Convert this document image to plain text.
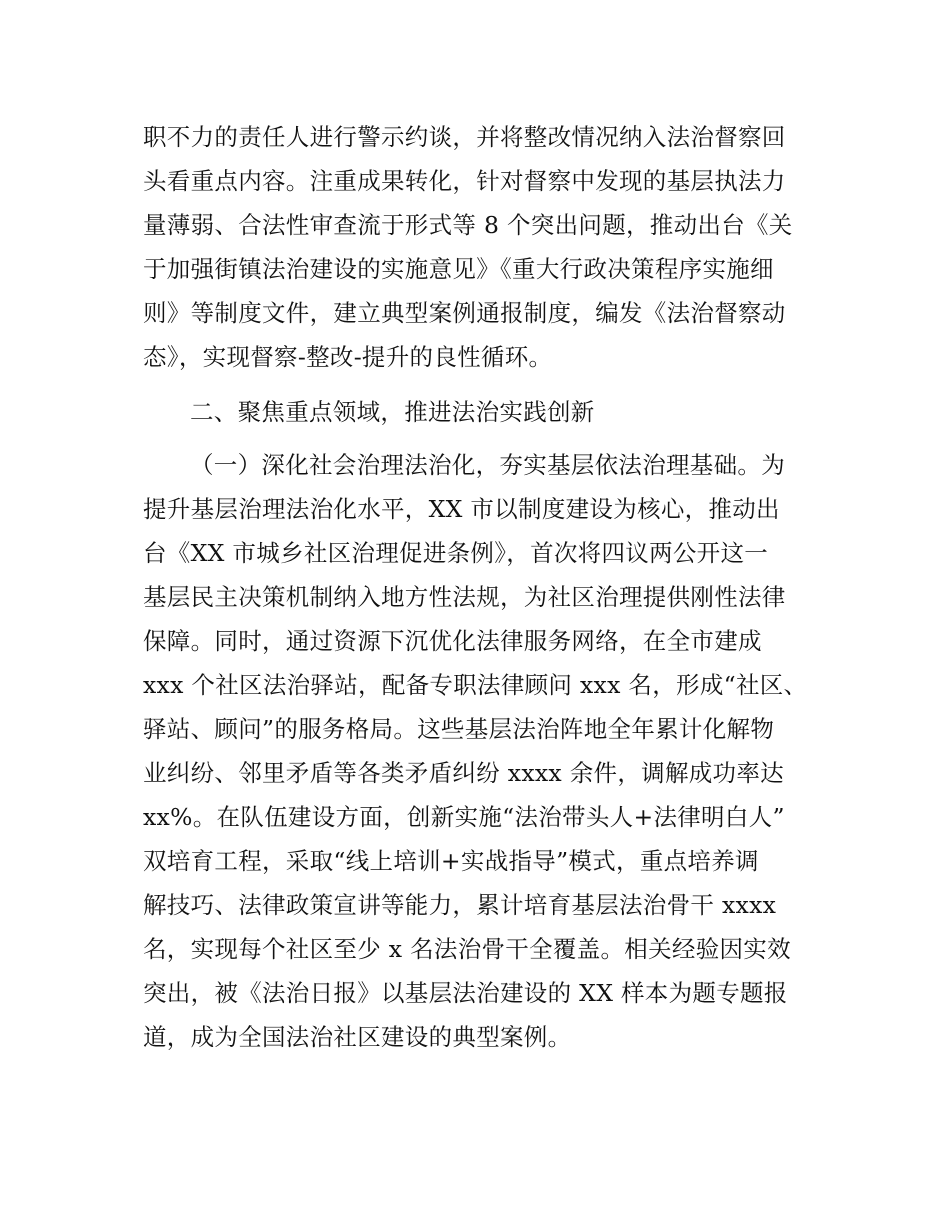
职不力的责任人进行警示约谈，并将整改情况纳入法治督察回

头看重点内容。注重成果转化，针对督察中发现的基层执法力

量薄弱、合法性审查流于形式等 8 个突出问题，推动出台《关

于加强街镇法治建设的实施意见》《重大行政决策程序实施细

则》等制度文件，建立典型案例通报制度，编发《法治督察动

态》，实现督察-整改-提升的良性循环。

二、聚焦重点领域，推进法治实践创新

（一）深化社会治理法治化，夯实基层依法治理基础。为

提升基层治理法治化水平，XX 市以制度建设为核心，推动出

台《XX 市城乡社区治理促进条例》，首次将四议两公开这一

基层民主决策机制纳入地方性法规，为社区治理提供刚性法律

保障。同时，通过资源下沉优化法律服务网络，在全市建成

xxx 个社区法治驿站，配备专职法律顾问 xxx 名，形成“社区、

驿站、顾问”的服务格局。这些基层法治阵地全年累计化解物

业纠纷、邻里矛盾等各类矛盾纠纷 xxxx 余件，调解成功率达

xx%。在队伍建设方面，创新实施“法治带头人+法律明白人”

双培育工程，采取“线上培训+实战指导”模式，重点培养调

解技巧、法律政策宣讲等能力，累计培育基层法治骨干 xxxx

名，实现每个社区至少 x 名法治骨干全覆盖。相关经验因实效

突出，被《法治日报》以基层法治建设的 XX 样本为题专题报

道，成为全国法治社区建设的典型案例。
